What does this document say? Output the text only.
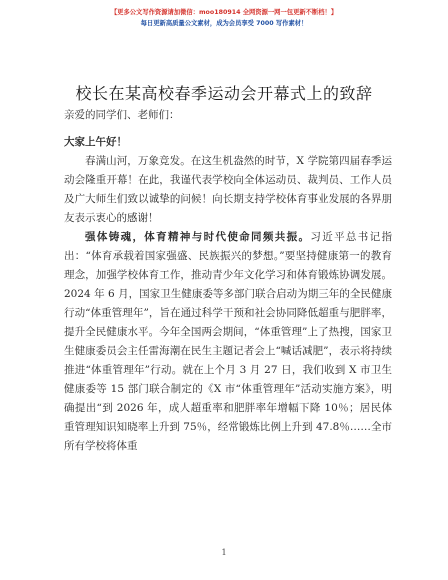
【更多公文写作资源请加微信：moo180914 全网资源一网一包更新不断档！】
每日更新高质量公文素材，成为会员享受 7000 写作素材！
校长在某高校春季运动会开幕式上的致辞

亲爱的同学们、老师们：

大家上午好！

春满山河，万象竞发。在这生机盎然的时节，X 学院第四届春季运动会隆重开幕！在此，我谨代表学校向全体运动员、裁判员、工作人员及广大师生们致以诚挚的问候！向长期支持学校体育事业发展的各界朋友表示衷心的感谢！

强体铸魂，体育精神与时代使命同频共振。习近平总书记指出：“体育承载着国家强盛、民族振兴的梦想。”要坚持健康第一的教育理念，加强学校体育工作，推动青少年文化学习和体育锻炼协调发展。2024 年 6 月，国家卫生健康委等多部门联合启动为期三年的全民健康行动“体重管理年”，旨在通过科学干预和社会协同降低超重与肥胖率，提升全民健康水平。今年全国两会期间，“体重管理”上了热搜，国家卫生健康委员会主任雷海潮在民生主题记者会上“喊话减肥”，表示将持续推进“体重管理年”行动。就在上个月 3 月 27 日，我们收到 X 市卫生健康委等 15 部门联合制定的《X 市“体重管理年”活动实施方案》，明确提出“到 2026 年，成人超重率和肥胖率年增幅下降 10％；居民体重管理知识知晓率上升到 75％，经常锻炼比例上升到 47.8％……全市所有学校将体重

1
